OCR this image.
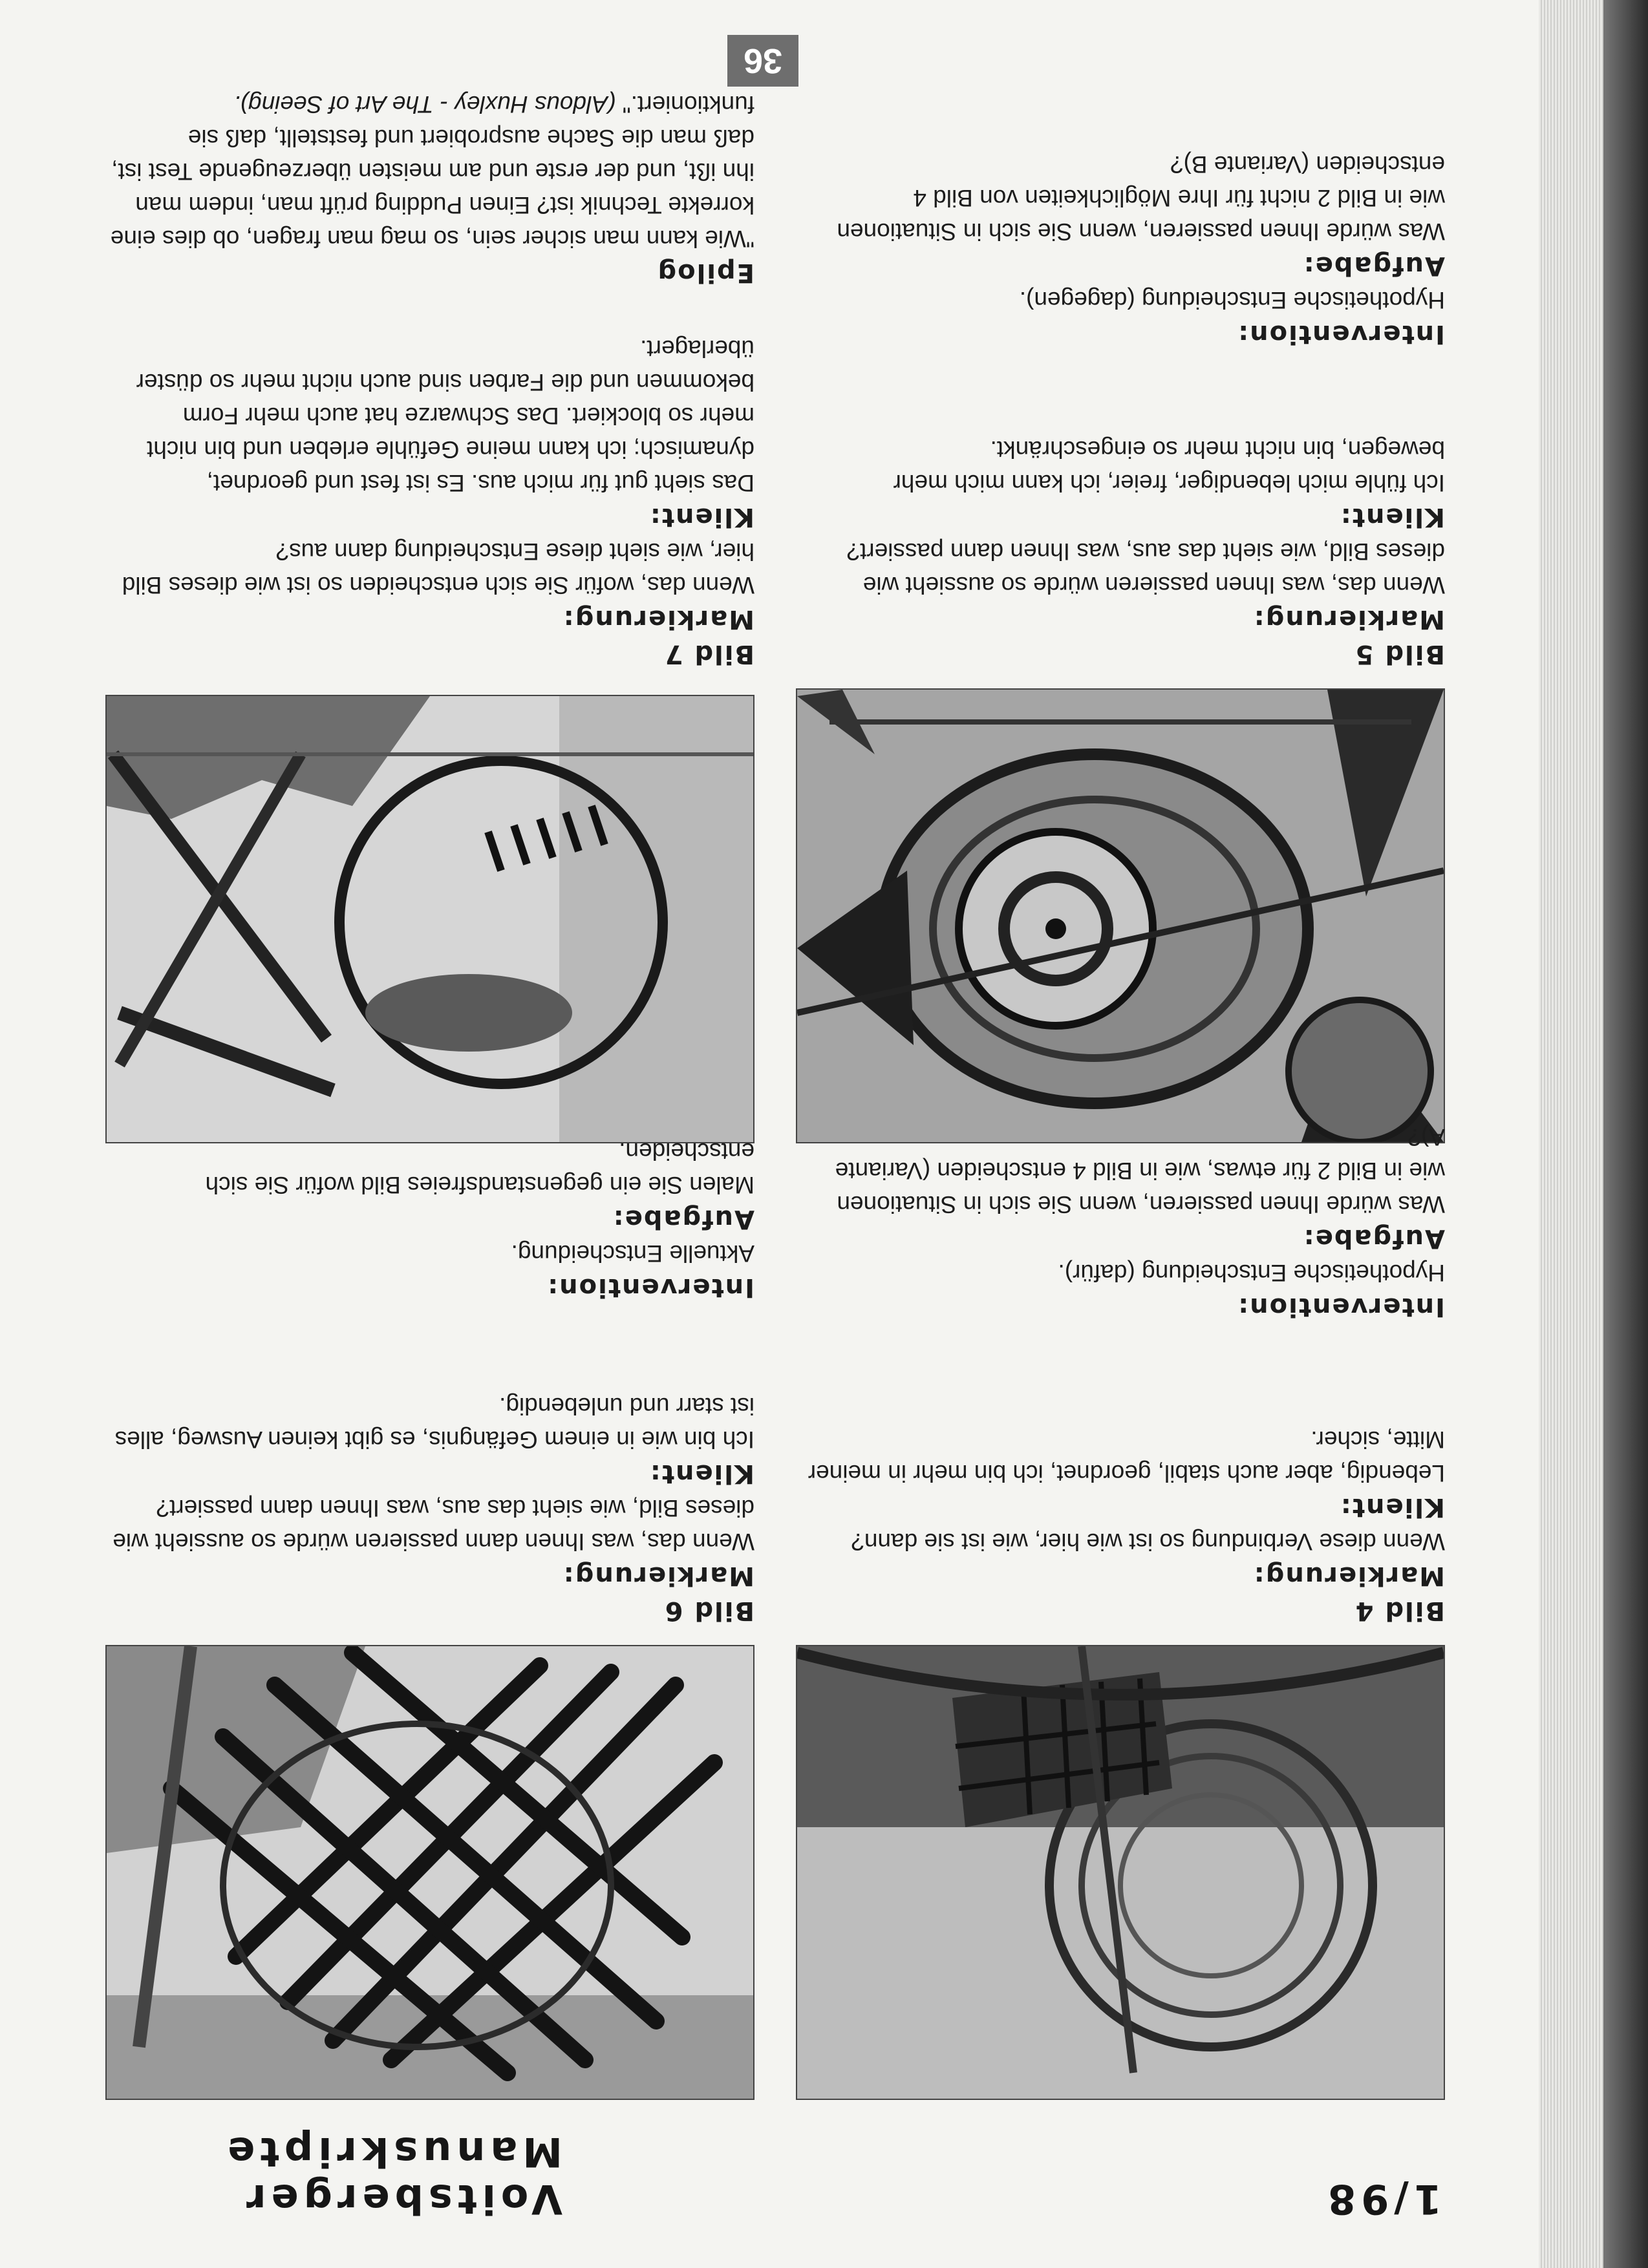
1/98
Voitsberger Manuskripte
36

Bild 4

Markierung:

Wenn diese Verbindung so ist wie hier, wie ist sie dann?

Klient:

Lebendig, aber auch stabil, geordnet, ich bin mehr in meiner Mitte, sicher.

Intervention:

Hypothetische Entscheidung (dafür).

Aufgabe:

Was würde Ihnen passieren, wenn Sie sich in Situationen wie in Bild 2 für etwas, wie in Bild 4 entscheiden (Variante A)?

Bild 5

Markierung:

Wenn das, was Ihnen passieren würde so aussieht wie dieses Bild, wie sieht das aus, was Ihnen dann passiert?

Klient:

Ich fühle mich lebendiger, freier, ich kann mich mehr bewegen, bin nicht mehr so eingeschränkt.

Intervention:

Hypothetische Entscheidung (dagegen).

Aufgabe:

Was würde Ihnen passieren, wenn Sie sich in Situationen wie in Bild 2 nicht für Ihre Möglichkeiten von Bild 4 entscheiden (Variante B)?

Bild 6

Markierung:

Wenn das, was Ihnen dann passieren würde so aussieht wie dieses Bild, wie sieht das aus, was Ihnen dann passiert?

Klient:

Ich bin wie in einem Gefängnis, es gibt keinen Ausweg, alles ist starr und unlebendig.

Intervention:

Aktuelle Entscheidung.

Aufgabe:

Malen Sie ein gegenstandsfreies Bild wofür Sie sich entscheiden.

Bild 7

Markierung:

Wenn das, wofür Sie sich entscheiden so ist wie dieses Bild hier, wie sieht diese Entscheidung dann aus?

Klient:

Das sieht gut für mich aus. Es ist fest und geordnet, dynamisch; ich kann meine Gefühle erleben und bin nicht mehr so blockiert. Das Schwarze hat auch mehr Form bekommen und die Farben sind auch nicht mehr so düster überlagert.

Epilog

"Wie kann man sicher sein, so mag man fragen, ob dies eine korrekte Technik ist? Einen Pudding prüft man, indem man ihn ißt, und der erste und am meisten überzeugende Test ist, daß man die Sache ausprobiert und feststellt, daß sie funktioniert." (Aldous Huxley - The Art of Seeing).
